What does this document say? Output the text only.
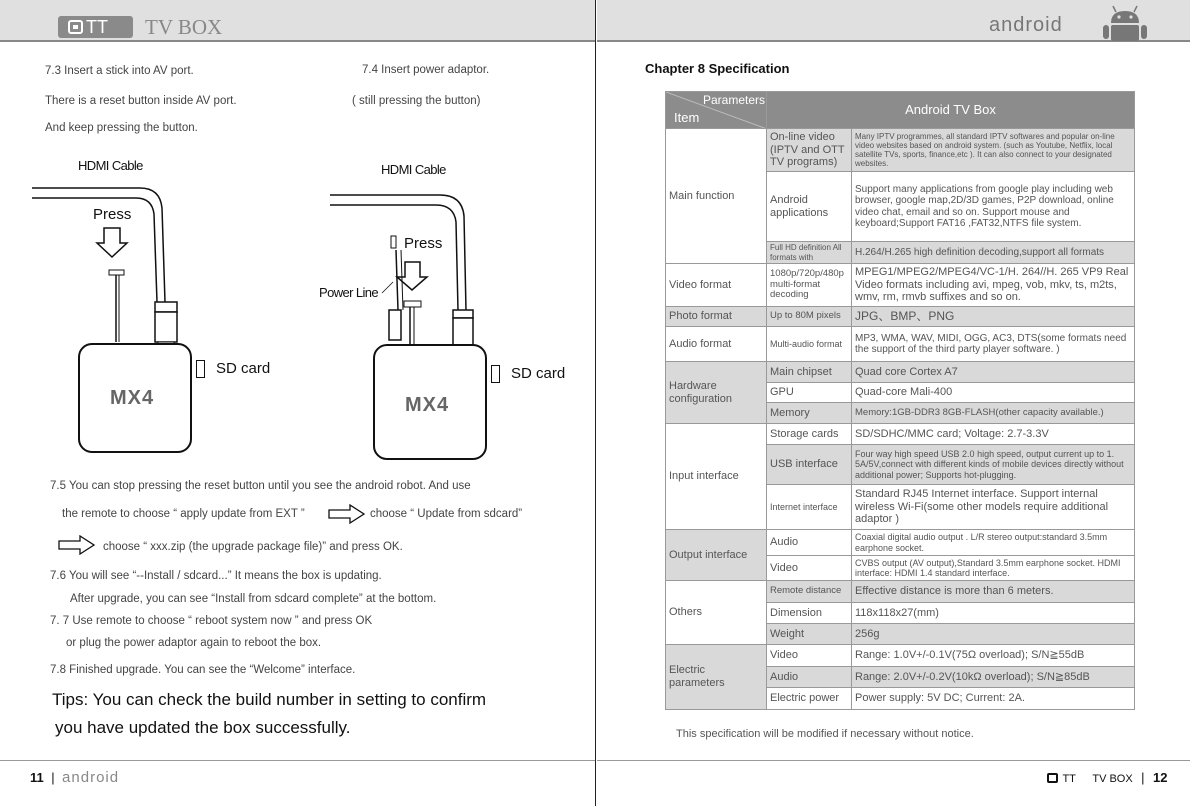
TT TV BOX
7.3 Insert a stick into AV port.
There is a reset button inside AV port.
And keep pressing the button.
7.4 Insert power adaptor.
( still pressing the button)
HDMI Cable	HDMI Cable
Press
Press
Power Line
MX4
SD card
MX4
SD card
7.5 You can stop pressing the reset button until you see the android robot. And use
the remote to choose “ apply update from EXT ”	choose “ Update from sdcard”
choose “ xxx.zip (the upgrade package file)” and press OK.
7.6 You will see “--Install / sdcard...” It means the box is updating.
After upgrade, you can see “Install from sdcard complete” at the bottom.
7. 7 Use remote to choose “ reboot system now ” and press OK
or plug the power adaptor again to reboot the box.
7.8 Finished upgrade. You can see the “Welcome” interface.
Tips: You can check the build number in setting to confirm
you have updated the box successfully.
11 | android
android
Chapter 8 Specification
Parameters
Item	Android TV Box	
Main function	On-line video (IPTV and OTT TV programs)	Many IPTV programmes, all standard IPTV softwares and popular on-line video websites based on android system. (such as Youtube, Netflix, local satellite TVs, sports, finance,etc ). It can also connect to your designated websites.
	Android applications	Support many applications from google play including web browser, google map,2D/3D games, P2P download, online video chat, email and so on. Support mouse and keyboard;Support FAT16 ,FAT32,NTFS file system.
	Full HD definition All formats with	H.264/H.265 high definition decoding,support all formats
Video format	1080p/720p/480p multi-format decoding	MPEG1/MPEG2/MPEG4/VC-1/H. 264//H. 265 VP9 Real Video formats including avi, mpeg, vob, mkv, ts, m2ts, wmv, rm, rmvb suffixes and so on.
Photo format	Up to 80M pixels	JPG、BMP、PNG
Audio format	Multi-audio format	MP3, WMA, WAV, MIDI, OGG, AC3, DTS(some formats need the support of the third party player software. )
Hardware configuration	Main chipset	Quad core Cortex A7
	GPU	Quad-core Mali-400
	Memory	Memory:1GB-DDR3 8GB-FLASH(other capacity available.)
Input interface	Storage cards	SD/SDHC/MMC card; Voltage: 2.7-3.3V
	USB interface	Four way high speed USB 2.0 high speed, output current up to 1. 5A/5V,connect with different kinds of mobile devices directly without additional power; Supports hot-plugging.
	Internet interface	Standard RJ45 Internet interface. Support internal wireless Wi-Fi(some other models require additional adaptor )
Output interface	Audio	Coaxial digital audio output . L/R stereo output:standard 3.5mm earphone socket.
	Video	CVBS output (AV output),Standard 3.5mm earphone socket. HDMI interface: HDMI 1.4 standard interface.
Others	Remote distance	Effective distance is more than 6 meters.
	Dimension	118x118x27(mm)
	Weight	256g
Electric parameters	Video	Range: 1.0V+/-0.1V(75Ω overload); S/N≧55dB
	Audio	Range: 2.0V+/-0.2V(10kΩ overload); S/N≧85dB
	Electric power	Power supply: 5V DC; Current: 2A.
This specification will be modified if necessary without notice.
TT TV BOX | 12
